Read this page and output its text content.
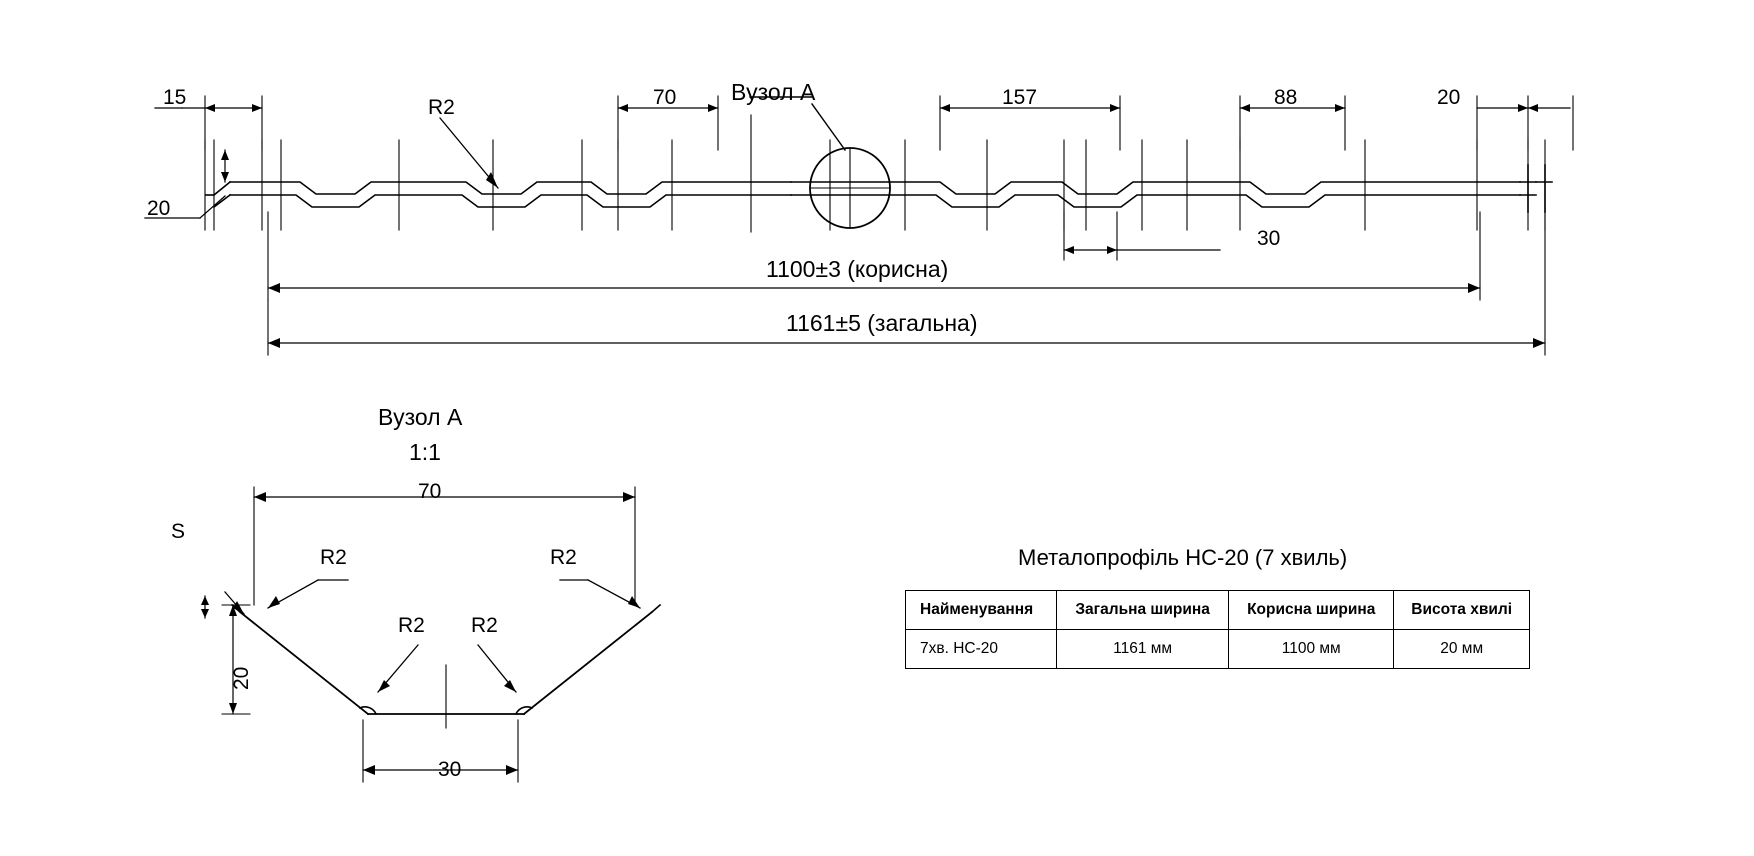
15
20
R2	70	157	88	20
30
Вузол А
1100±3 (корисна)
1161±5 (загальна)
Вузол А
1:1
70
30
20
S
R2	R2
R2 R2
Металопрофіль НС-20 (7 хвиль)
Найменування	Загальна ширина	Корисна ширина	Висота хвилі
7хв. НС-20	1161 мм	1100 мм	20 мм
